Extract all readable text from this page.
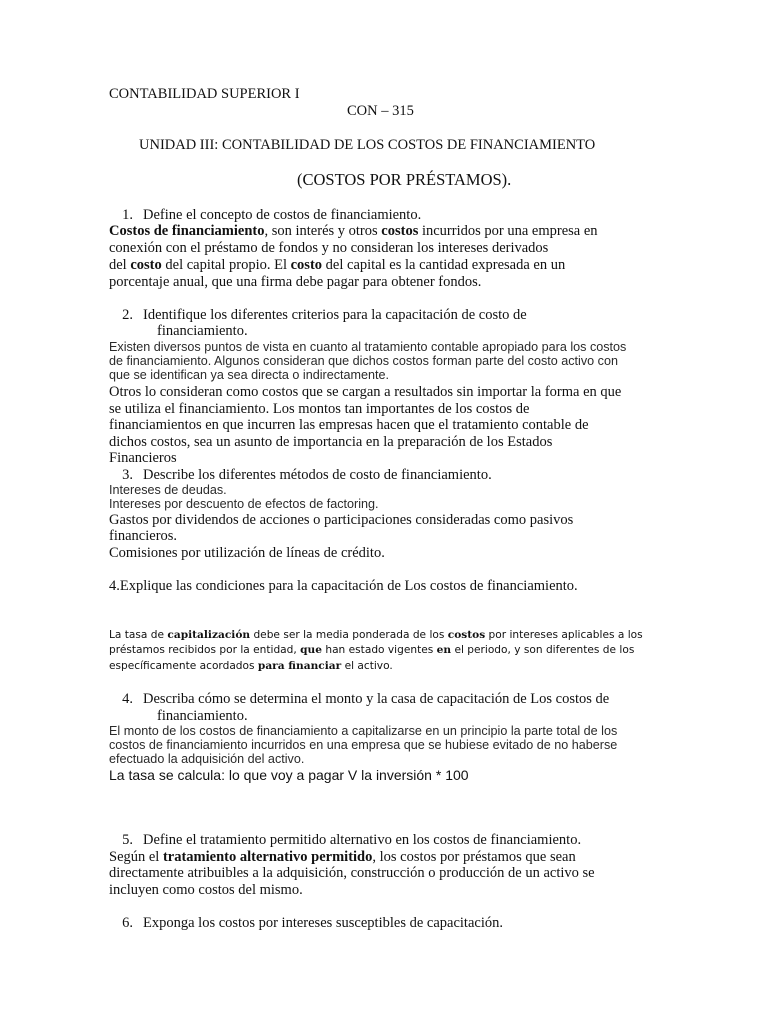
CONTABILIDAD SUPERIOR I
CON – 315
UNIDAD III: CONTABILIDAD DE LOS COSTOS DE FINANCIAMIENTO
(COSTOS POR PRÉSTAMOS).
1. Define el concepto de costos de financiamiento.
Costos de financiamiento, son interés y otros costos incurridos por una empresa en
conexión con el préstamo de fondos y no consideran los intereses derivados
del costo del capital propio. El costo del capital es la cantidad expresada en un
porcentaje anual, que una firma debe pagar para obtener fondos.
2. Identifique los diferentes criterios para la capacitación de costo de
financiamiento.
Existen diversos puntos de vista en cuanto al tratamiento contable apropiado para los costos
de financiamiento. Algunos consideran que dichos costos forman parte del costo activo con
que se identifican ya sea directa o indirectamente.
Otros lo consideran como costos que se cargan a resultados sin importar la forma en que
se utiliza el financiamiento. Los montos tan importantes de los costos de
financiamientos en que incurren las empresas hacen que el tratamiento contable de
dichos costos, sea un asunto de importancia en la preparación de los Estados
Financieros
3. Describe los diferentes métodos de costo de financiamiento.
Intereses de deudas.
Intereses por descuento de efectos de factoring.
Gastos por dividendos de acciones o participaciones consideradas como pasivos
financieros.
Comisiones por utilización de líneas de crédito.
4.Explique las condiciones para la capacitación de Los costos de financiamiento.
La tasa de capitalización debe ser la media ponderada de los costos por intereses aplicables a los
préstamos recibidos por la entidad, que han estado vigentes en el periodo, y son diferentes de los
específicamente acordados para financiar el activo.
4. Describa cómo se determina el monto y la casa de capacitación de Los costos de
financiamiento.
El monto de los costos de financiamiento a capitalizarse en un principio la parte total de los
costos de financiamiento incurridos en una empresa que se hubiese evitado de no haberse
efectuado la adquisición del activo.
La tasa se calcula: lo que voy a pagar V la inversión * 100
5. Define el tratamiento permitido alternativo en los costos de financiamiento.
Según el tratamiento alternativo permitido, los costos por préstamos que sean
directamente atribuibles a la adquisición, construcción o producción de un activo se
incluyen como costos del mismo.
6. Exponga los costos por intereses susceptibles de capacitación.
